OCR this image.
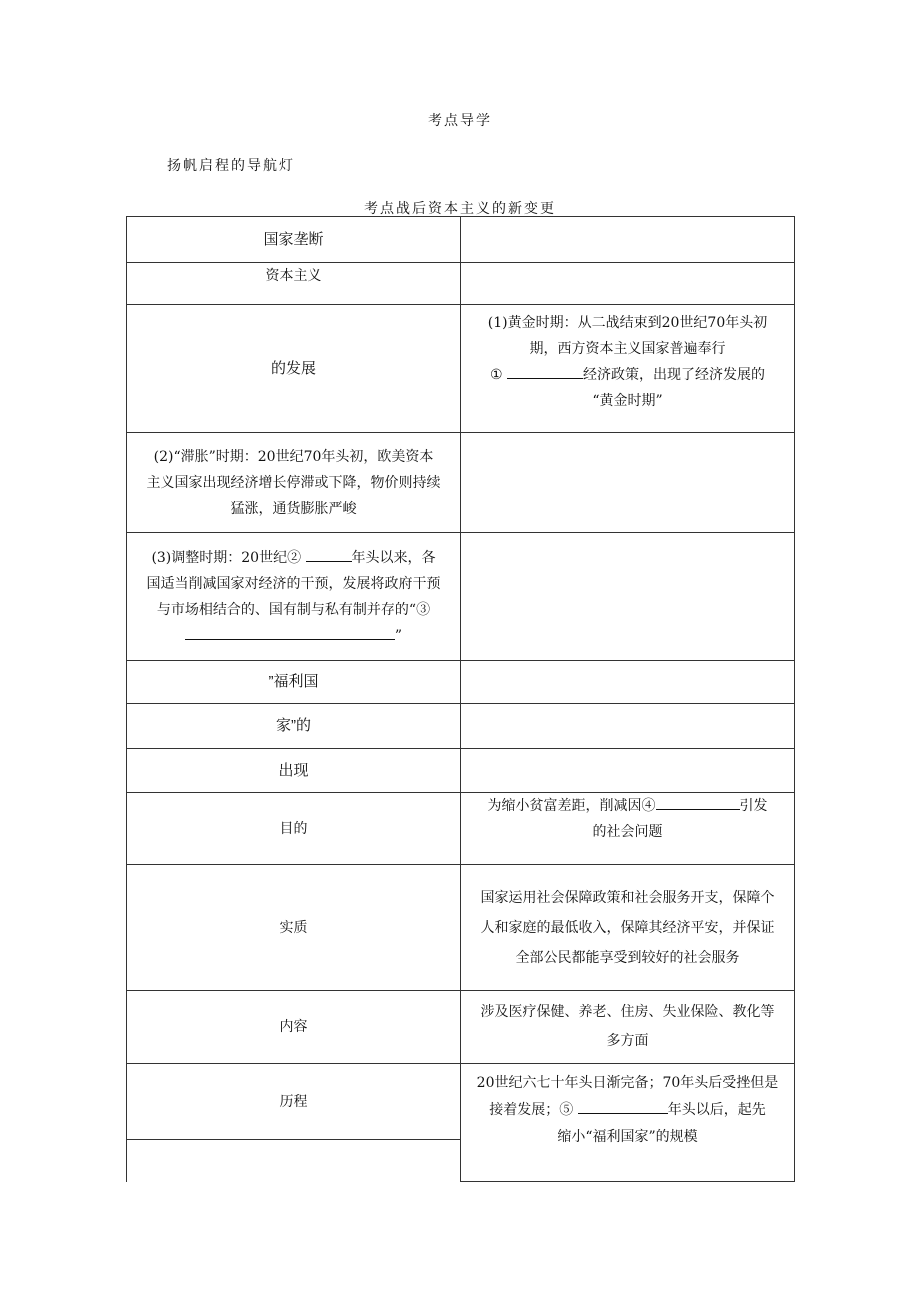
考点导学
扬帆启程的导航灯
考点战后资本主义的新变更
国家垄断	
资本主义	
的发展	(1)黄金时期：从二战结束到20世纪70年头初
期，西方资本主义国家普遍奉行
① 经济政策，出现了经济发展的
“黄金时期”

(2)“滞胀”时期：20世纪70年头初，欧美资本
主义国家出现经济增长停滞或下降，物价则持续
猛涨，通货膨胀严峻	

(3)调整时期：20世纪② 年头以来，各
国适当削减国家对经济的干预，发展将政府干预
与市场相结合的、国有制与私有制并存的“③
”	

”福利国	
家”的	
出现	
目的	为缩小贫富差距，削减因④ 引发
的社会问题

实质	国家运用社会保障政策和社会服务开支，保障个
人和家庭的最低收入，保障其经济平安，并保证
全部公民都能享受到较好的社会服务

内容	涉及医疗保健、养老、住房、失业保险、教化等
多方面

历程	20世纪六七十年头日渐完备；70年头后受挫但是
接着发展；⑤ 年头以后，起先
缩小“福利国家”的规模
